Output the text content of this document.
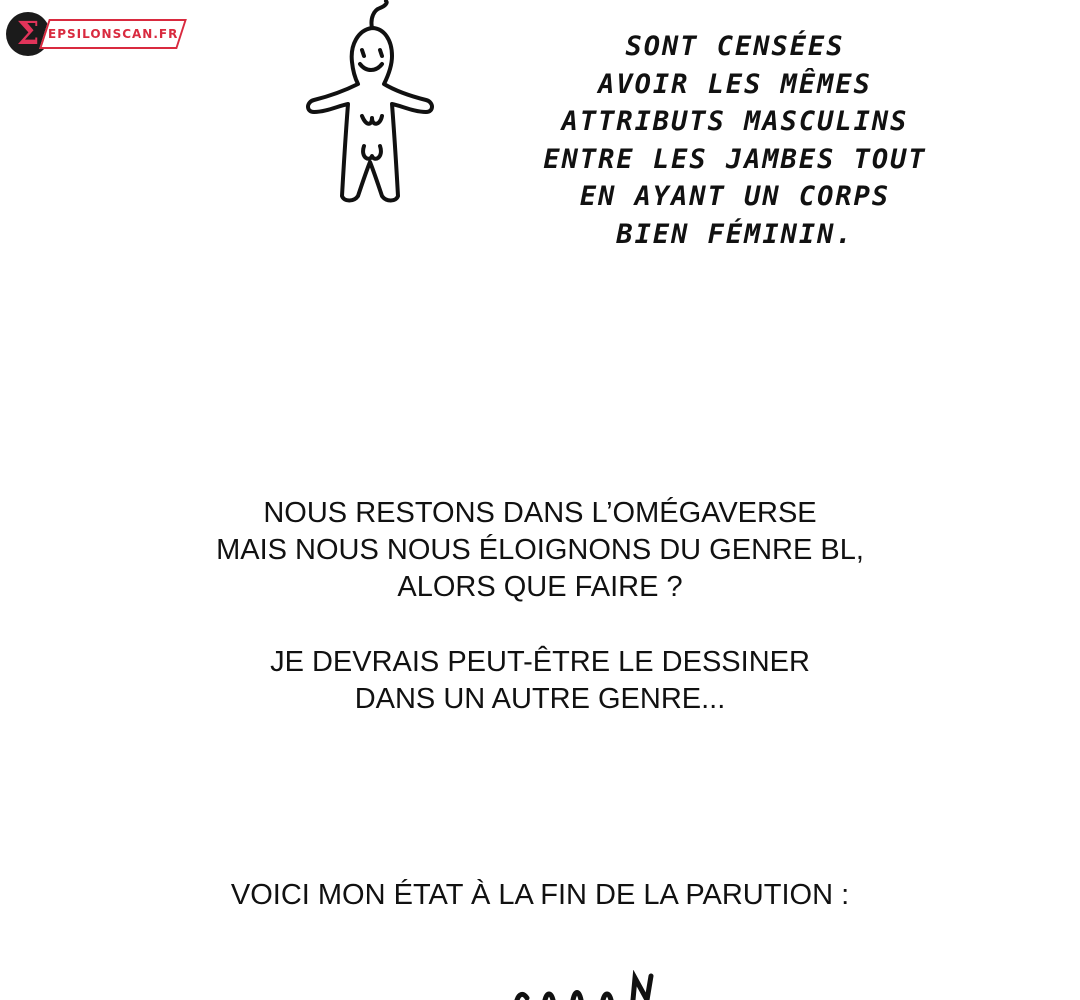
Σ EPSILONSCAN.FR	SONT CENSÉES
AVOIR LES MÊMES
ATTRIBUTS MASCULINS
ENTRE LES JAMBES TOUT
EN AYANT UN CORPS
BIEN FÉMININ.

NOUS RESTONS DANS L’OMÉGAVERSE
MAIS NOUS NOUS ÉLOIGNONS DU GENRE BL,
ALORS QUE FAIRE ?

JE DEVRAIS PEUT-ÊTRE LE DESSINER
DANS UN AUTRE GENRE...

VOICI MON ÉTAT À LA FIN DE LA PARUTION :
